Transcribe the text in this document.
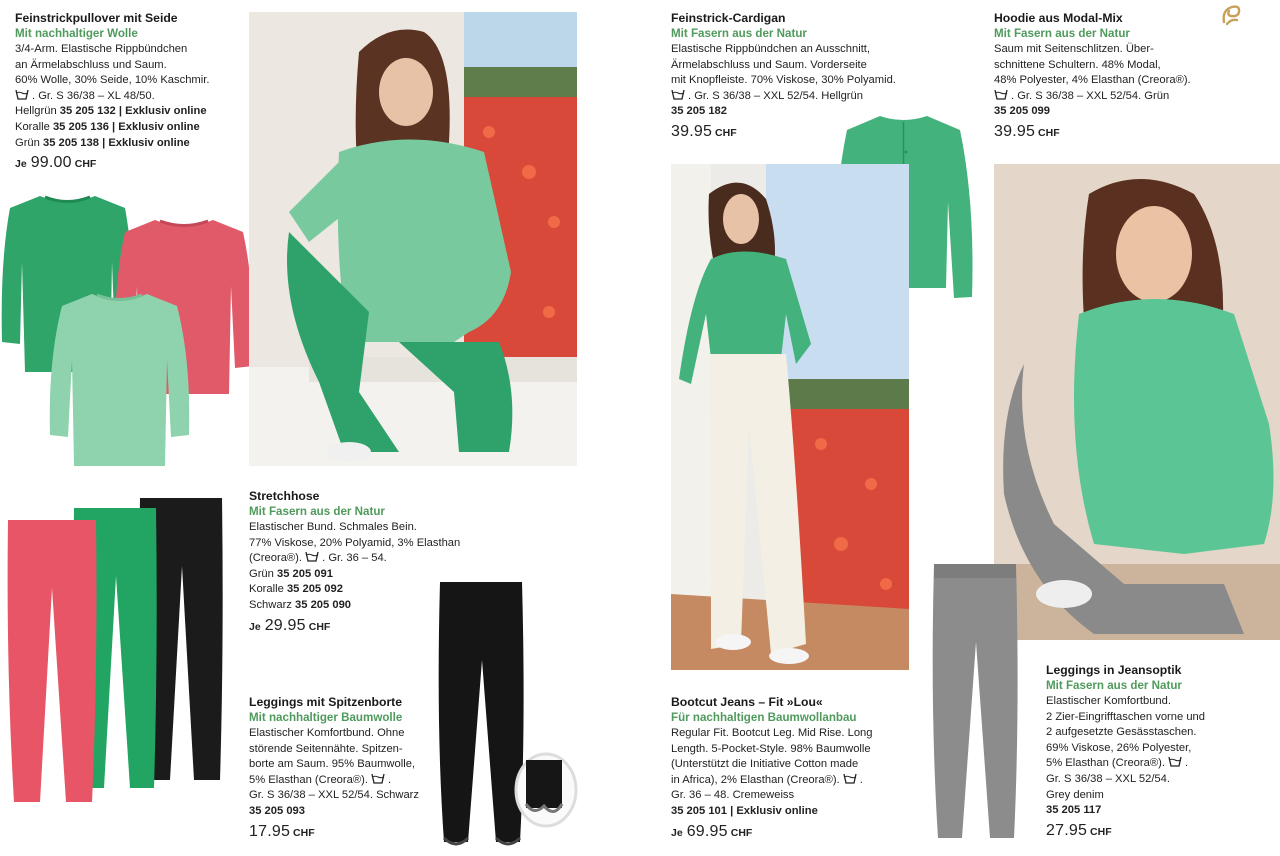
Feinstrickpullover mit Seide
Mit nachhaltiger Wolle
3/4-Arm. Elastische Rippbündchen
an Ärmelabschluss und Saum.
60% Wolle, 30% Seide, 10% Kaschmir.
. Gr. S 36/38 – XL 48/50.
Hellgrün 35 205 132 | Exklusiv online
Koralle 35 205 136 | Exklusiv online
Grün 35 205 138 | Exklusiv online
Je 99.00 CHF
Stretchhose
Mit Fasern aus der Natur
Elastischer Bund. Schmales Bein.
77% Viskose, 20% Polyamid, 3% Elasthan
(Creora®).
. Gr. 36 – 54.
Grün 35 205 091
Koralle 35 205 092
Schwarz 35 205 090
Je 29.95 CHF
Leggings mit Spitzenborte
Mit nachhaltiger Baumwolle
Elastischer Komfortbund. Ohne
störende Seitennähte. Spitzen-
borte am Saum. 95% Baumwolle,
5% Elasthan (Creora®).
.
Gr. S 36/38 – XXL 52/54. Schwarz
35 205 093
17.95 CHF
Feinstrick-Cardigan
Mit Fasern aus der Natur
Elastische Rippbündchen an Ausschnitt,
Ärmelabschluss und Saum. Vorderseite
mit Knopfleiste. 70% Viskose, 30% Polyamid.
. Gr. S 36/38 – XXL 52/54. Hellgrün
35 205 182
39.95 CHF
Hoodie aus Modal-Mix
Mit Fasern aus der Natur
Saum mit Seitenschlitzen. Über-
schnittene Schultern. 48% Modal,
48% Polyester, 4% Elasthan (Creora®).
. Gr. S 36/38 – XXL 52/54. Grün
35 205 099
39.95 CHF
Bootcut Jeans – Fit »Lou«
Für nachhaltigen Baumwollanbau
Regular Fit. Bootcut Leg. Mid Rise. Long
Length. 5-Pocket-Style. 98% Baumwolle
(Unterstützt die Initiative Cotton made
in Africa), 2% Elasthan (Creora®).
.
Gr. 36 – 48. Cremeweiss
35 205 101 | Exklusiv online
Je 69.95 CHF
Leggings in Jeansoptik
Mit Fasern aus der Natur
Elastischer Komfortbund.
2 Zier-Eingrifftaschen vorne und
2 aufgesetzte Gesässtaschen.
69% Viskose, 26% Polyester,
5% Elasthan (Creora®).
.
Gr. S 36/38 – XXL 52/54.
Grey denim
35 205 117
27.95 CHF
